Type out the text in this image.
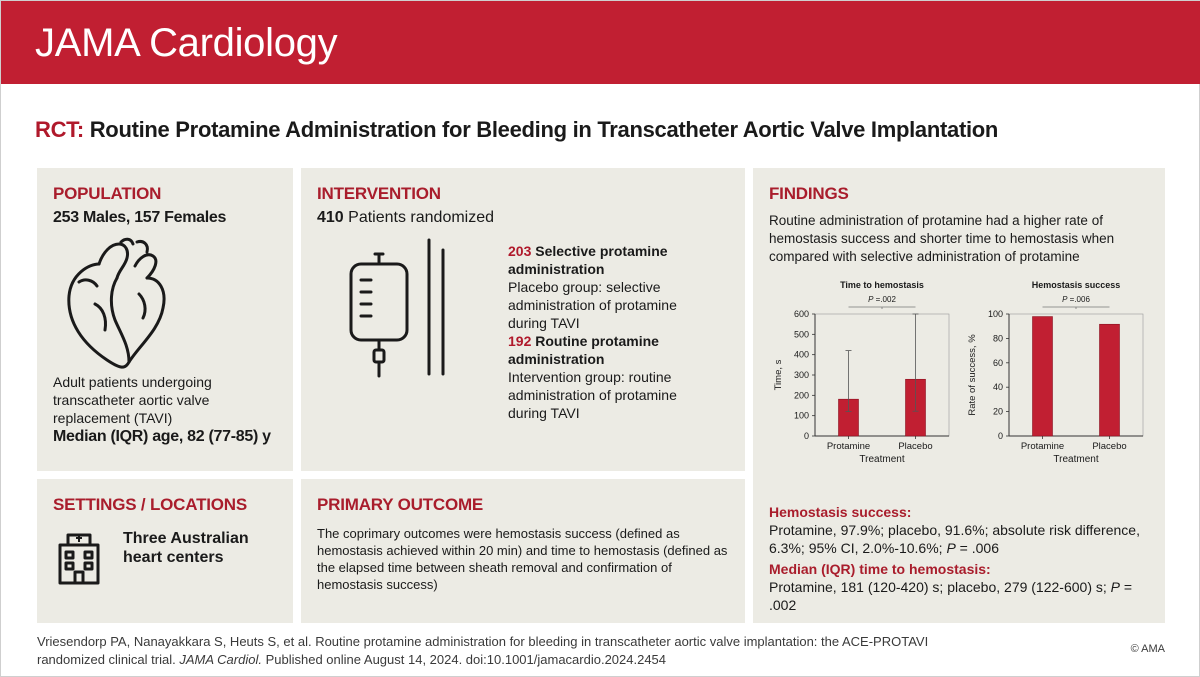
JAMA Cardiology
RCT: Routine Protamine Administration for Bleeding in Transcatheter Aortic Valve Implantation
POPULATION
253 Males, 157 Females
Adult patients undergoing transcatheter aortic valve replacement (TAVI)
Median (IQR) age, 82 (77-85) y
INTERVENTION
410 Patients randomized
203 Selective protamine administration
Placebo group: selective administration of protamine during TAVI
192 Routine protamine administration
Intervention group: routine administration of protamine during TAVI
FINDINGS
Routine administration of protamine had a higher rate of hemostasis success and shorter time to hemostasis when compared with selective administration of protamine
Time to hemostasis
P =.002
0
100
200
300
400
500
600
Time, s
Protamine	Placebo
Treatment
Hemostasis success
P =.006
0
20
40
60
80
100
Rate of success, %
Protamine	Placebo
Treatment
Hemostasis success:
Protamine, 97.9%; placebo, 91.6%; absolute risk difference, 6.3%; 95% CI, 2.0%-10.6%; P = .006
Median (IQR) time to hemostasis:
Protamine, 181 (120-420) s; placebo, 279 (122-600) s; P = .002
SETTINGS / LOCATIONS
Three Australian heart centers
PRIMARY OUTCOME
The coprimary outcomes were hemostasis success (defined as hemostasis achieved within 20 min) and time to hemostasis (defined as the elapsed time between sheath removal and confirmation of hemostasis success)
Vriesendorp PA, Nanayakkara S, Heuts S, et al. Routine protamine administration for bleeding in transcatheter aortic valve implantation: the ACE-PROTAVI
randomized clinical trial. JAMA Cardiol. Published online August 14, 2024. doi:10.1001/jamacardio.2024.2454
© AMA
